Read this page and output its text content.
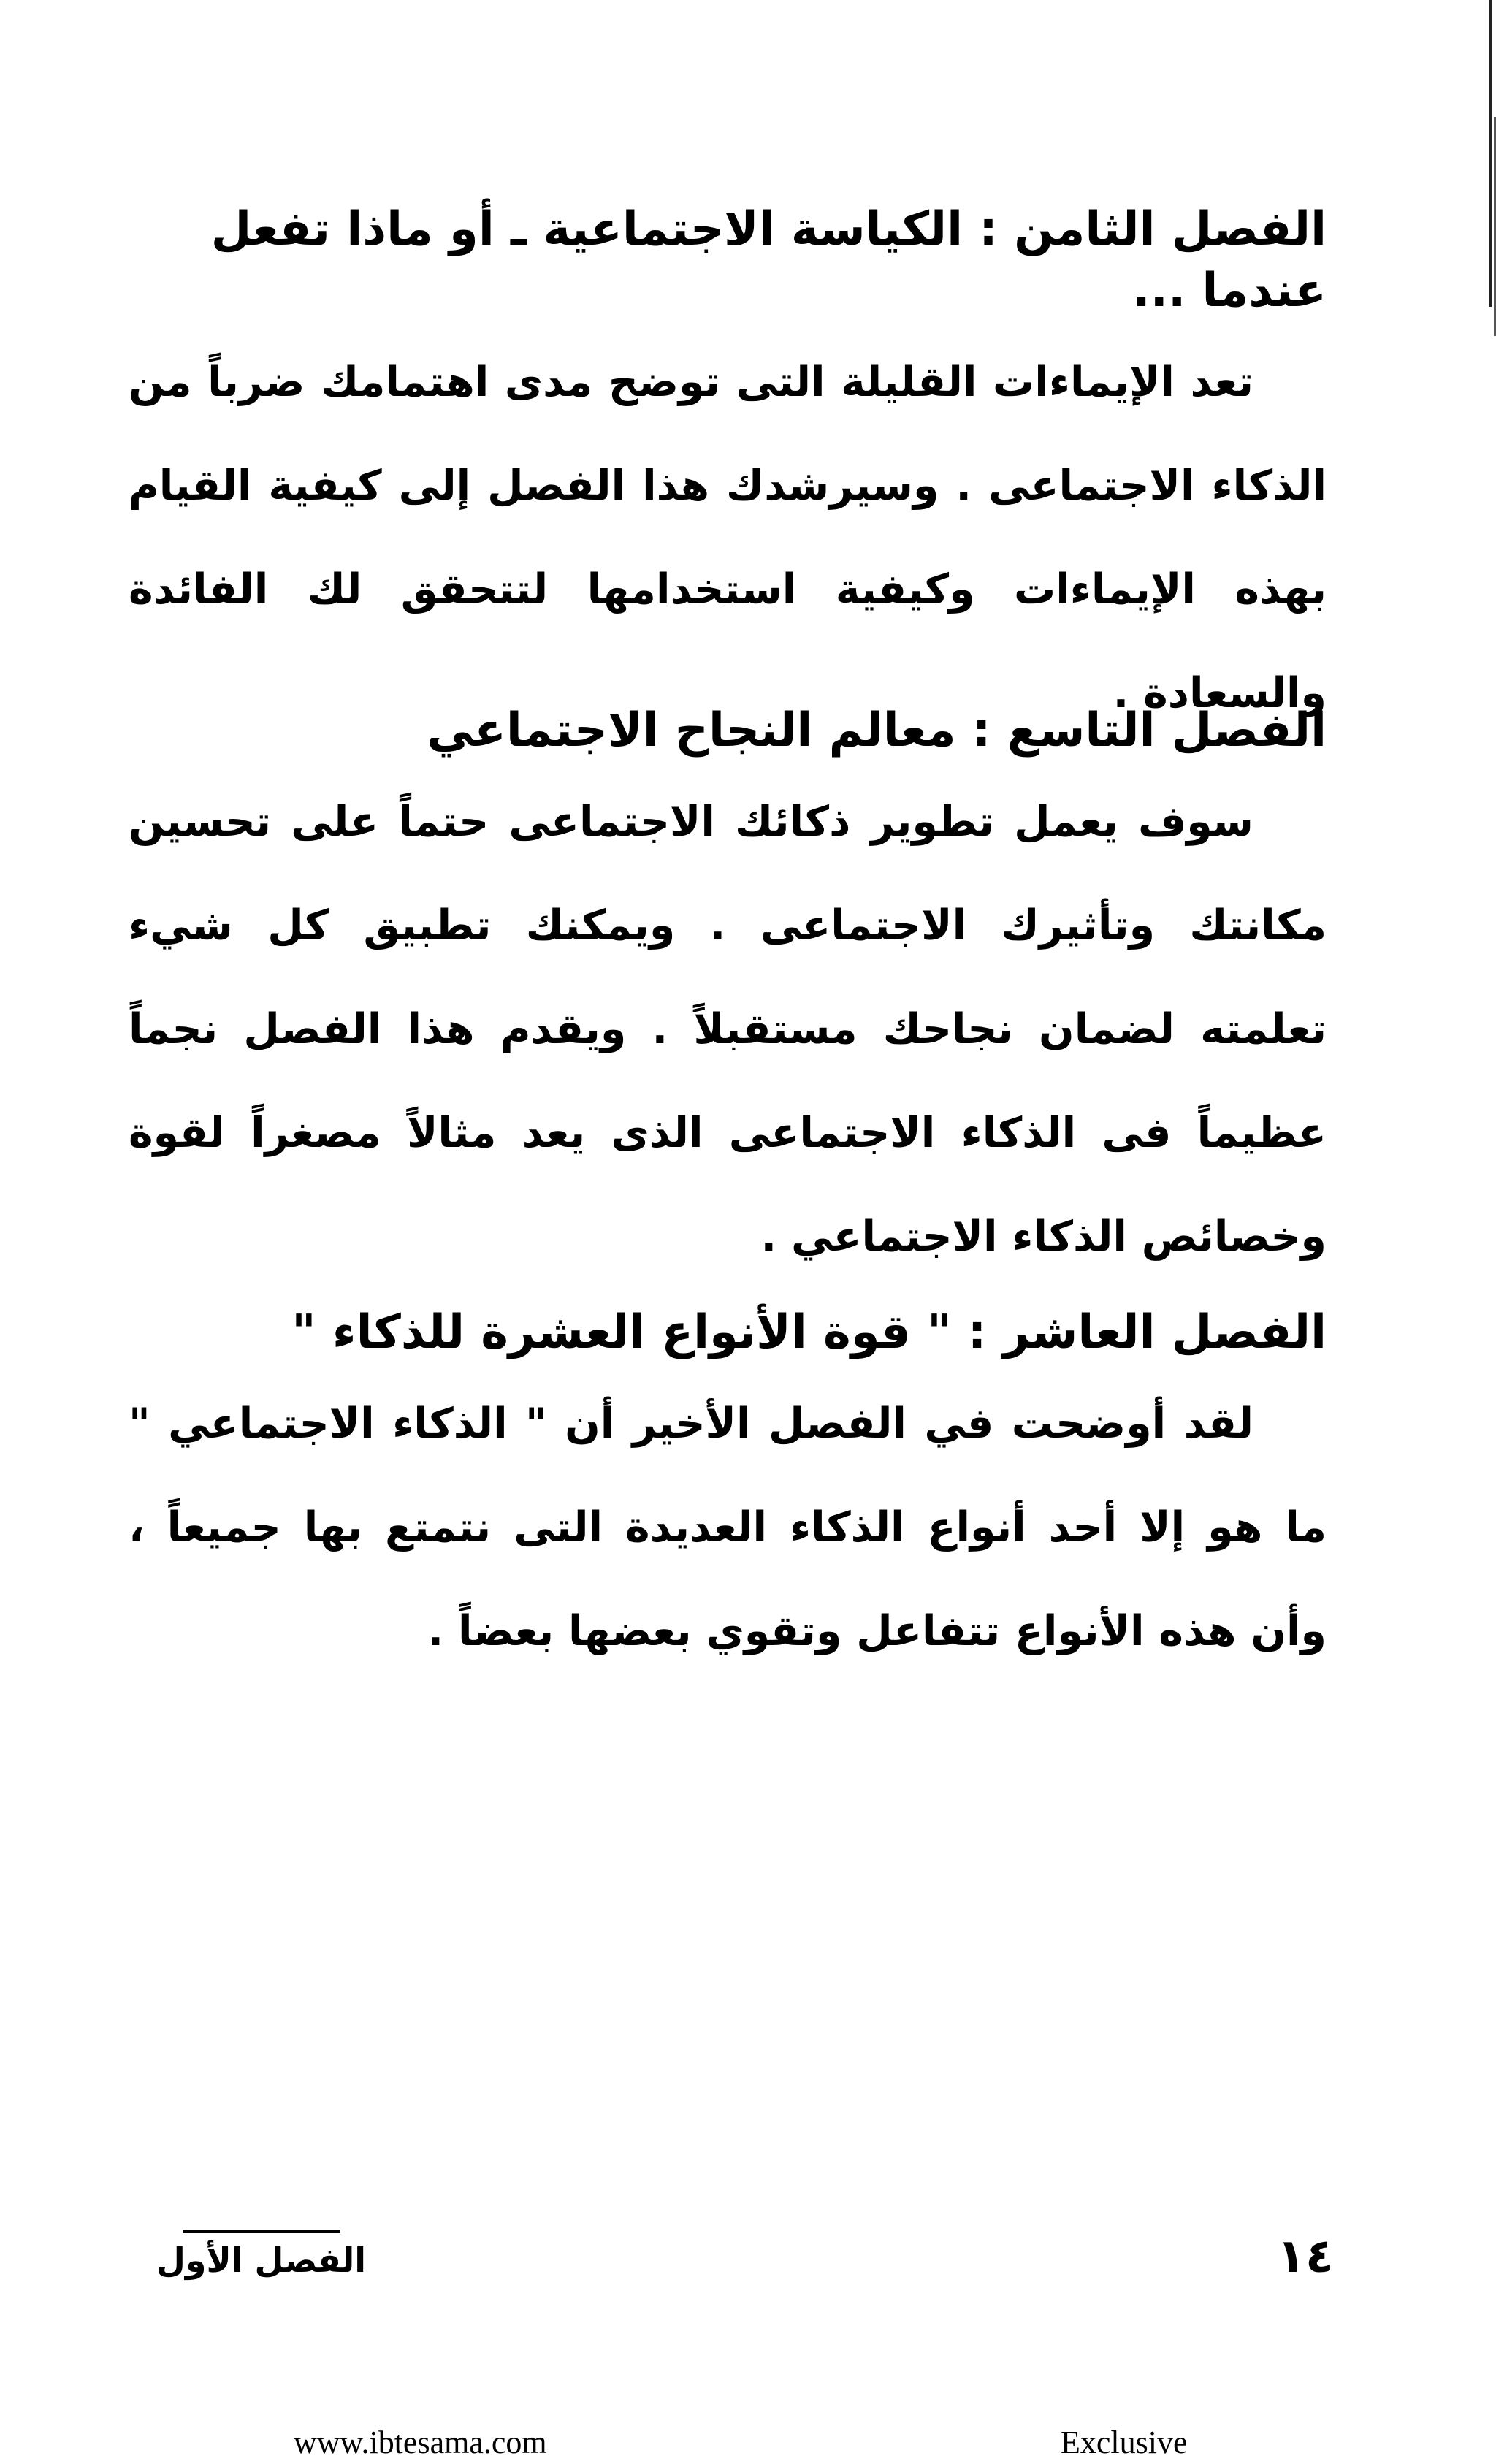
الفصل الثامن : الكياسة الاجتماعية ـ أو ماذا تفعل عندما ...

تعد الإيماءات القليلة التى توضح مدى اهتمامك ضرباً من الذكاء الاجتماعى . وسيرشدك هذا الفصل إلى كيفية القيام بهذه الإيماءات وكيفية استخدامها لتتحقق لك الفائدة والسعادة .

الفصل التاسع : معالم النجاح الاجتماعي

سوف يعمل تطوير ذكائك الاجتماعى حتماً على تحسين مكانتك وتأثيرك الاجتماعى . ويمكنك تطبيق كل شيء تعلمته لضمان نجاحك مستقبلاً . ويقدم هذا الفصل نجماً عظيماً فى الذكاء الاجتماعى الذى يعد مثالاً مصغراً لقوة وخصائص الذكاء الاجتماعي .

الفصل العاشر : " قوة الأنواع العشرة للذكاء "

لقد أوضحت في الفصل الأخير أن " الذكاء الاجتماعي " ما هو إلا أحد أنواع الذكاء العديدة التى نتمتع بها جميعاً ، وأن هذه الأنواع تتفاعل وتقوي بعضها بعضاً .

١٤
الفصل الأول
www.ibtesama.com	Exclusive
